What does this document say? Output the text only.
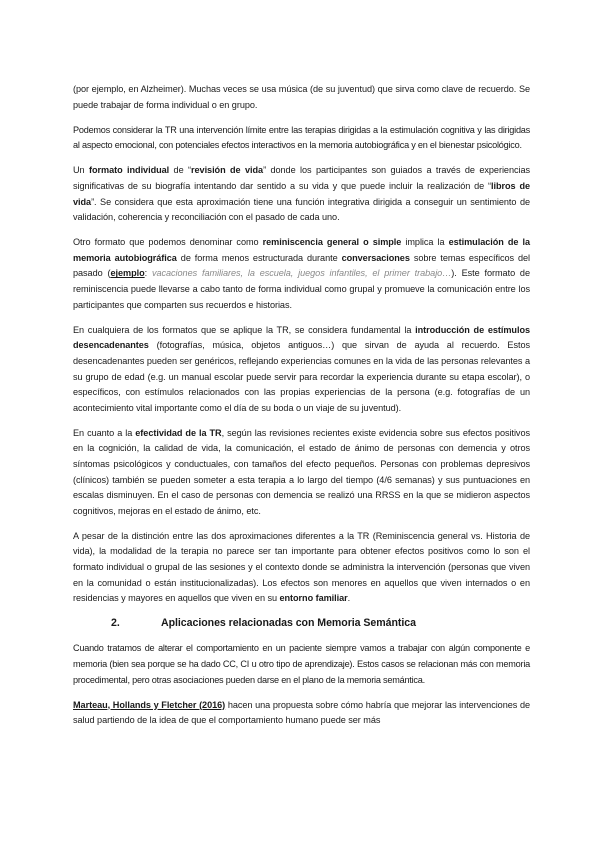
(por ejemplo, en Alzheimer). Muchas veces se usa música (de su juventud) que sirva como clave de recuerdo. Se puede trabajar de forma individual o en grupo.

Podemos considerar la TR una intervención límite entre las terapias dirigidas a la estimulación cognitiva y las dirigidas al aspecto emocional, con potenciales efectos interactivos en la memoria autobiográfica y en el bienestar psicológico.

Un formato individual de “revisión de vida” donde los participantes son guiados a través de experiencias significativas de su biografía intentando dar sentido a su vida y que puede incluir la realización de “libros de vida”. Se considera que esta aproximación tiene una función integrativa dirigida a conseguir un sentimiento de validación, coherencia y reconciliación con el pasado de cada uno.

Otro formato que podemos denominar como reminiscencia general o simple implica la estimulación de la memoria autobiográfica de forma menos estructurada durante conversaciones sobre temas específicos del pasado (ejemplo: vacaciones familiares, la escuela, juegos infantiles, el primer trabajo…). Este formato de reminiscencia puede llevarse a cabo tanto de forma individual como grupal y promueve la comunicación entre los participantes que comparten sus recuerdos e historias.

En cualquiera de los formatos que se aplique la TR, se considera fundamental la introducción de estímulos desencadenantes (fotografías, música, objetos antiguos…) que sirvan de ayuda al recuerdo. Estos desencadenantes pueden ser genéricos, reflejando experiencias comunes en la vida de las personas relevantes a su grupo de edad (e.g. un manual escolar puede servir para recordar la experiencia durante su etapa escolar), o específicos, con estímulos relacionados con las propias experiencias de la persona (e.g. fotografías de un acontecimiento vital importante como el día de su boda o un viaje de su juventud).

En cuanto a la efectividad de la TR, según las revisiones recientes existe evidencia sobre sus efectos positivos en la cognición, la calidad de vida, la comunicación, el estado de ánimo de personas con demencia y otros síntomas psicológicos y conductuales, con tamaños del efecto pequeños. Personas con problemas depresivos (clínicos) también se pueden someter a esta terapia a lo largo del tiempo (4/6 semanas) y sus puntuaciones en escalas disminuyen. En el caso de personas con demencia se realizó una RRSS en la que se midieron aspectos cognitivos, mejoras en el estado de ánimo, etc.

A pesar de la distinción entre las dos aproximaciones diferentes a la TR (Reminiscencia general vs. Historia de vida), la modalidad de la terapia no parece ser tan importante para obtener efectos positivos como lo son el formato individual o grupal de las sesiones y el contexto donde se administra la intervención (personas que viven en la comunidad o están institucionalizadas). Los efectos son menores en aquellos que viven internados o en residencias y mayores en aquellos que viven en su entorno familiar.

2.	Aplicaciones relacionadas con Memoria Semántica

Cuando tratamos de alterar el comportamiento en un paciente siempre vamos a trabajar con algún componente e memoria (bien sea porque se ha dado CC, CI u otro tipo de aprendizaje). Estos casos se relacionan más con memoria procedimental, pero otras asociaciones pueden darse en el plano de la memoria semántica.

Marteau, Hollands y Fletcher (2016) hacen una propuesta sobre cómo habría que mejorar las intervenciones de salud partiendo de la idea de que el comportamiento humano puede ser más
